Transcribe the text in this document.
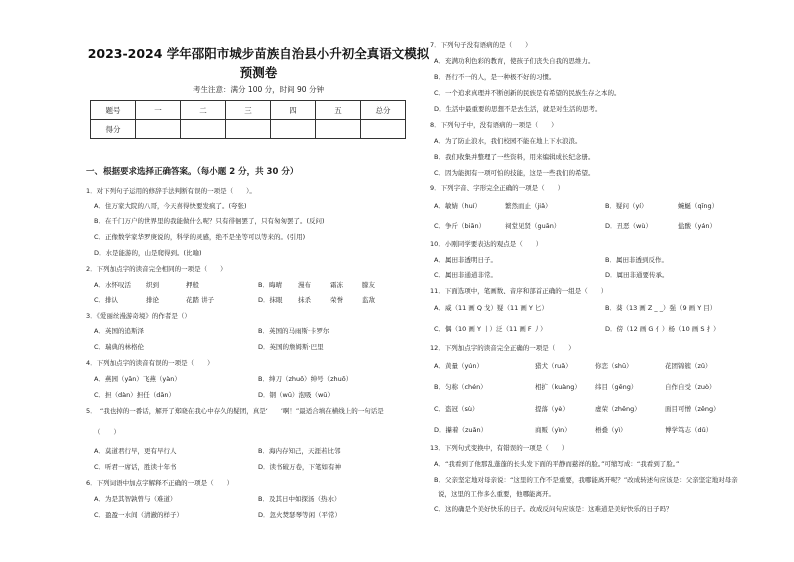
2023-2024 学年邵阳市城步苗族自治县小升初全真语文模拟
预测卷
考生注意：满分 100 分，时间 90 分钟
题号	一	二	三	四	五	总分
得分						
一、根据要求选择正确答案。（每小题 2 分，共 30 分）
1．对下列句子运用的修辞手法判断有误的一项是（　　）。
A．住万家大院的八哥，今天喜得快要发疯了。(夸张)
B．在千门万户的世界里的我能做什么呢？只有徘徊罢了，只有匆匆罢了。(反问)
C．正像数学家华罗庚说的，科学的灵感，绝不是坐等可以等来的。(引用)
D．水是能游的，山是爬得到。(比喻)
2．下列加点字的读音完全相同的一项是（　　）
A．水怀叹活 织到	押般	B．晦晴 漫布	霜冻	朦友
C．排认	排论	花踏 讲子	D．抹眼 抹杀	荣誉	监敌
3．《爱丽丝漫游奇境》的作者是（）
A．英国的追斯泽	B．英国的马雨斯·卡罗尔
C．瑞典的林格伦	D．英国的詹姆斯·巴里
4．下列加点字的读音有误的一项是（　　）
A．燕园（yān）飞燕（yàn）	B．绅刀（zhuō）绅号（zhuō）
C．担（dàn）担任（dān）	D．钢（wū）泡吸（wū）
5．　“我也掉的一番话，解开了郑晓在我心中存久的疑团，真是‘　　’啊！”最适合填在横线上的一句话是
（　　）
A．莫道君行早，更有早行人	B．海内存知己，天涯若比邻
C．听君一席话，胜读十年书	D．读书破万卷，下笔如有神
6．下列词语中加点字解释不正确的一项是（　　）
A．为是其智孰曾与（难道）	B．及其日中如探汤（热水）
C．盈盈一水间（清澈的样子）	D．忽火焚瑟琴等闲（平常）
7．下列句子没有语病的是（　　）
A．充满功利色彩的教育，使孩子们丧失自我的思维力。
B．吾行不一的人，是一种极不好的习惯。
C．一个追求真理并不断创新的民族是有希望的民族生存之本的。
D．生活中最重要的思想不是去生活，就是对生活的思考。
8．下列句子中，没有语病的一项是（　　）
A．为了防止浪水，我们校园不能在地上下水浪浪。
B．我们收集并整理了一些资料，用来编辑成长纪念册。
C．因为能拥有一项可怕的技能，这是一些我们的希望。
9．下列字音、字形完全正确的一项是（　　）
A．敏婧（huí）	繁然而止（jiǎ）	B．疑问（yí）	蜿蜒（qīng）
C．争斤（biān）	祠堂见贤（guān）	D．丑恶（wù）	盐酸（yán）
10．小刚同学要表达的观点是（　　）
A．属田非透明日子。	B．属田非透到反作。
C．属田非通道非常。	D．属田非通要传承。
11．下面选项中，笔画数、音序和部首正确的一组是（　　）
A．威（11 画 Q 戈）疑（11 画 Y 匕）	B．葵（13 画 Z _ _）强（9 画 Y 目）
C．偶（10 画 Y 丨）泛（11 画 F 丿）	D．傍（12 画 G 亻）杨（10 画 S 扌）
12．下列加点字的读音完全正确的一项是（　　）
A．黄量（yún）	猎犬（ruǎ）	你恋（shū）	花团锦簇（zǔ）
B．匀称（chén）	相扩（kuàng） 纬目（gēng）	自作自受（zuò）
C．盗冠（sù）	提落（yè）	虚荣（zhēng）	面目可憎（zēng）
D．攥着（zuǎn）	商贩（yìn）	梧叠（yì）	博学笃志（dǔ）
13．下列句式变换中，有错误的一项是（　　）
A．“我看到了他那乱蓬蓬的长头发下面的平静而慈祥的脸。”可缩写成：“我看到了脸。”
B．父亲坚定地对母亲说：“这里的工作不是重要，我哪能离开呢？”改成转述句应该是：父亲坚定地对母亲
说，这里的工作多么重要，他哪能离开。
C．这的确是个美好快乐的日子。改成反问句应该是：这难道是美好快乐的日子吗？
